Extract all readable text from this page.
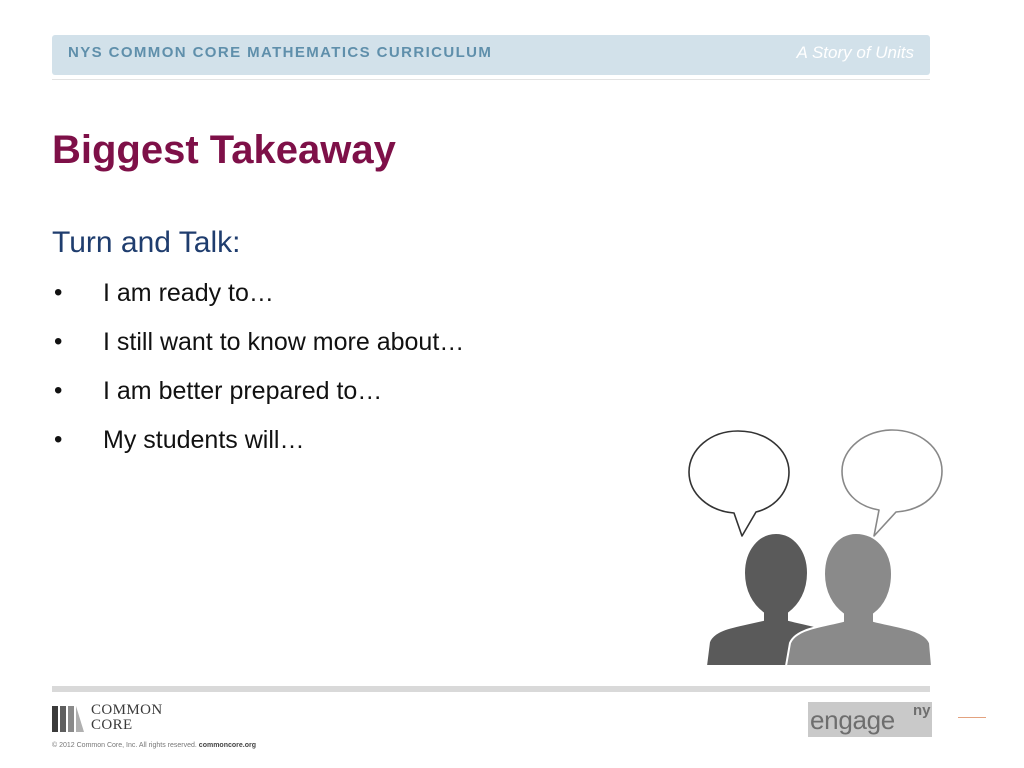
NYS COMMON CORE MATHEMATICS CURRICULUM	A Story of Units
Biggest Takeaway
Turn and Talk:
• I am ready to…
• I still want to know more about…
• I am better prepared to…
• My students will…
COMMON
CORE
© 2012 Common Core, Inc. All rights reserved. commoncore.org
engage ny
